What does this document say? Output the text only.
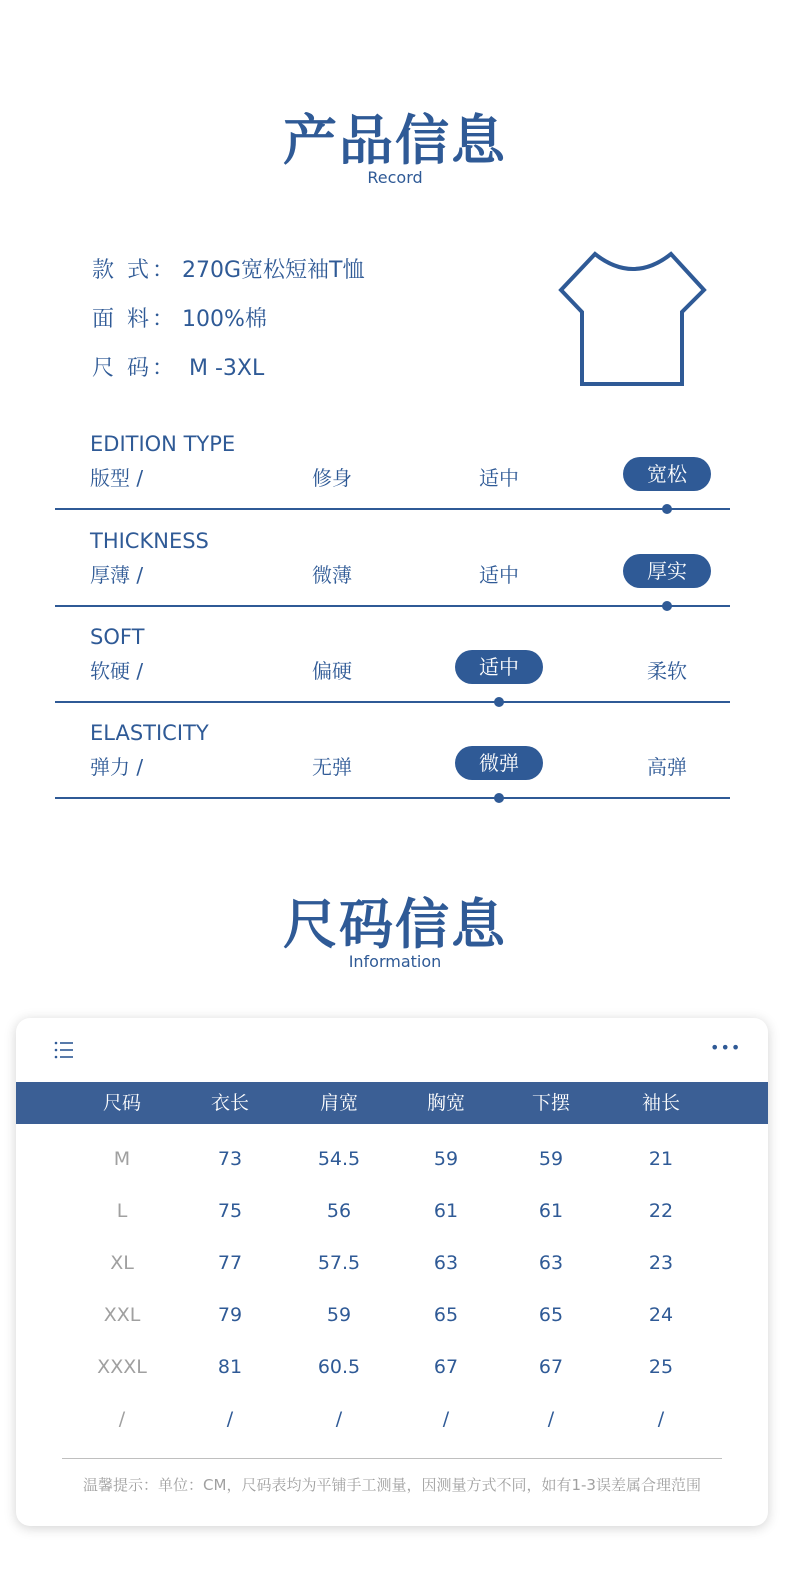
产品信息
Record
款 式： 270G宽松短袖T恤
面 料： 100%棉
尺 码： M -3XL
EDITION TYPE
版型 /	修身	适中	宽松
THICKNESS
厚薄 /	微薄	适中	厚实
SOFT
软硬 /	偏硬	适中	柔软
ELASTICITY
弹力 /	无弹	微弹	高弹
尺码信息
Information
•••
尺码	衣长	肩宽	胸宽	下摆	袖长
M	73	54.5	59	59	21
L	75	56	61	61	22
XL	77	57.5	63	63	23
XXL	79	59	65	65	24
XXXL	81	60.5	67	67	25
/	/	/	/	/	/
温馨提示：单位：CM，尺码表均为平铺手工测量，因测量方式不同，如有1-3误差属合理范围
